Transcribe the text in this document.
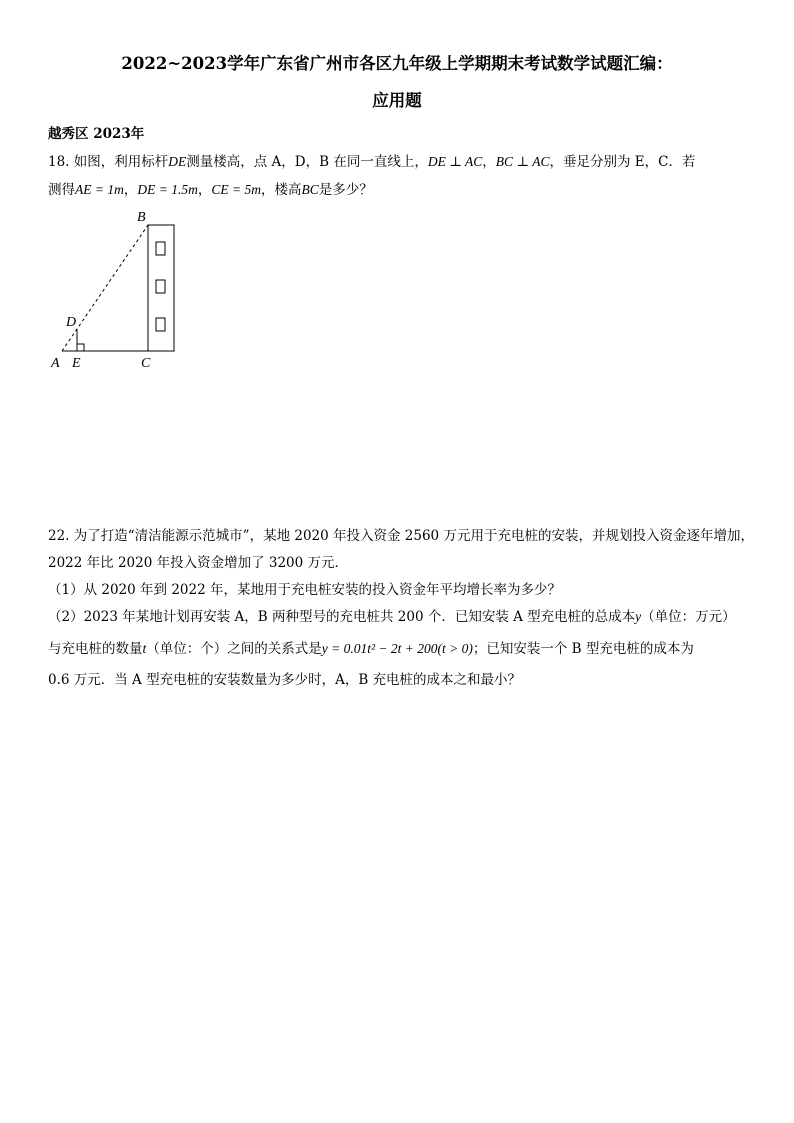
2022~2023学年广东省广州市各区九年级上学期期末考试数学试题汇编：
应用题
越秀区 2023年
18. 如图，利用标杆DE测量楼高，点 A，D，B 在同一直线上，DE ⊥ AC，BC ⊥ AC，垂足分别为 E，C．若
测得AE = 1m，DE = 1.5m，CE = 5m，楼高BC是多少？
B
D
A E	C
22. 为了打造“清洁能源示范城市”，某地 2020 年投入资金 2560 万元用于充电桩的安装，并规划投入资金逐年增加，
2022 年比 2020 年投入资金增加了 3200 万元．
（1）从 2020 年到 2022 年，某地用于充电桩安装的投入资金年平均增长率为多少？
（2）2023 年某地计划再安装 A，B 两种型号的充电桩共 200 个．已知安装 A 型充电桩的总成本y（单位：万元）
与充电桩的数量t（单位：个）之间的关系式是y = 0.01t² − 2t + 200(t > 0)；已知安装一个 B 型充电桩的成本为
0.6 万元．当 A 型充电桩的安装数量为多少时，A，B 充电桩的成本之和最小？
